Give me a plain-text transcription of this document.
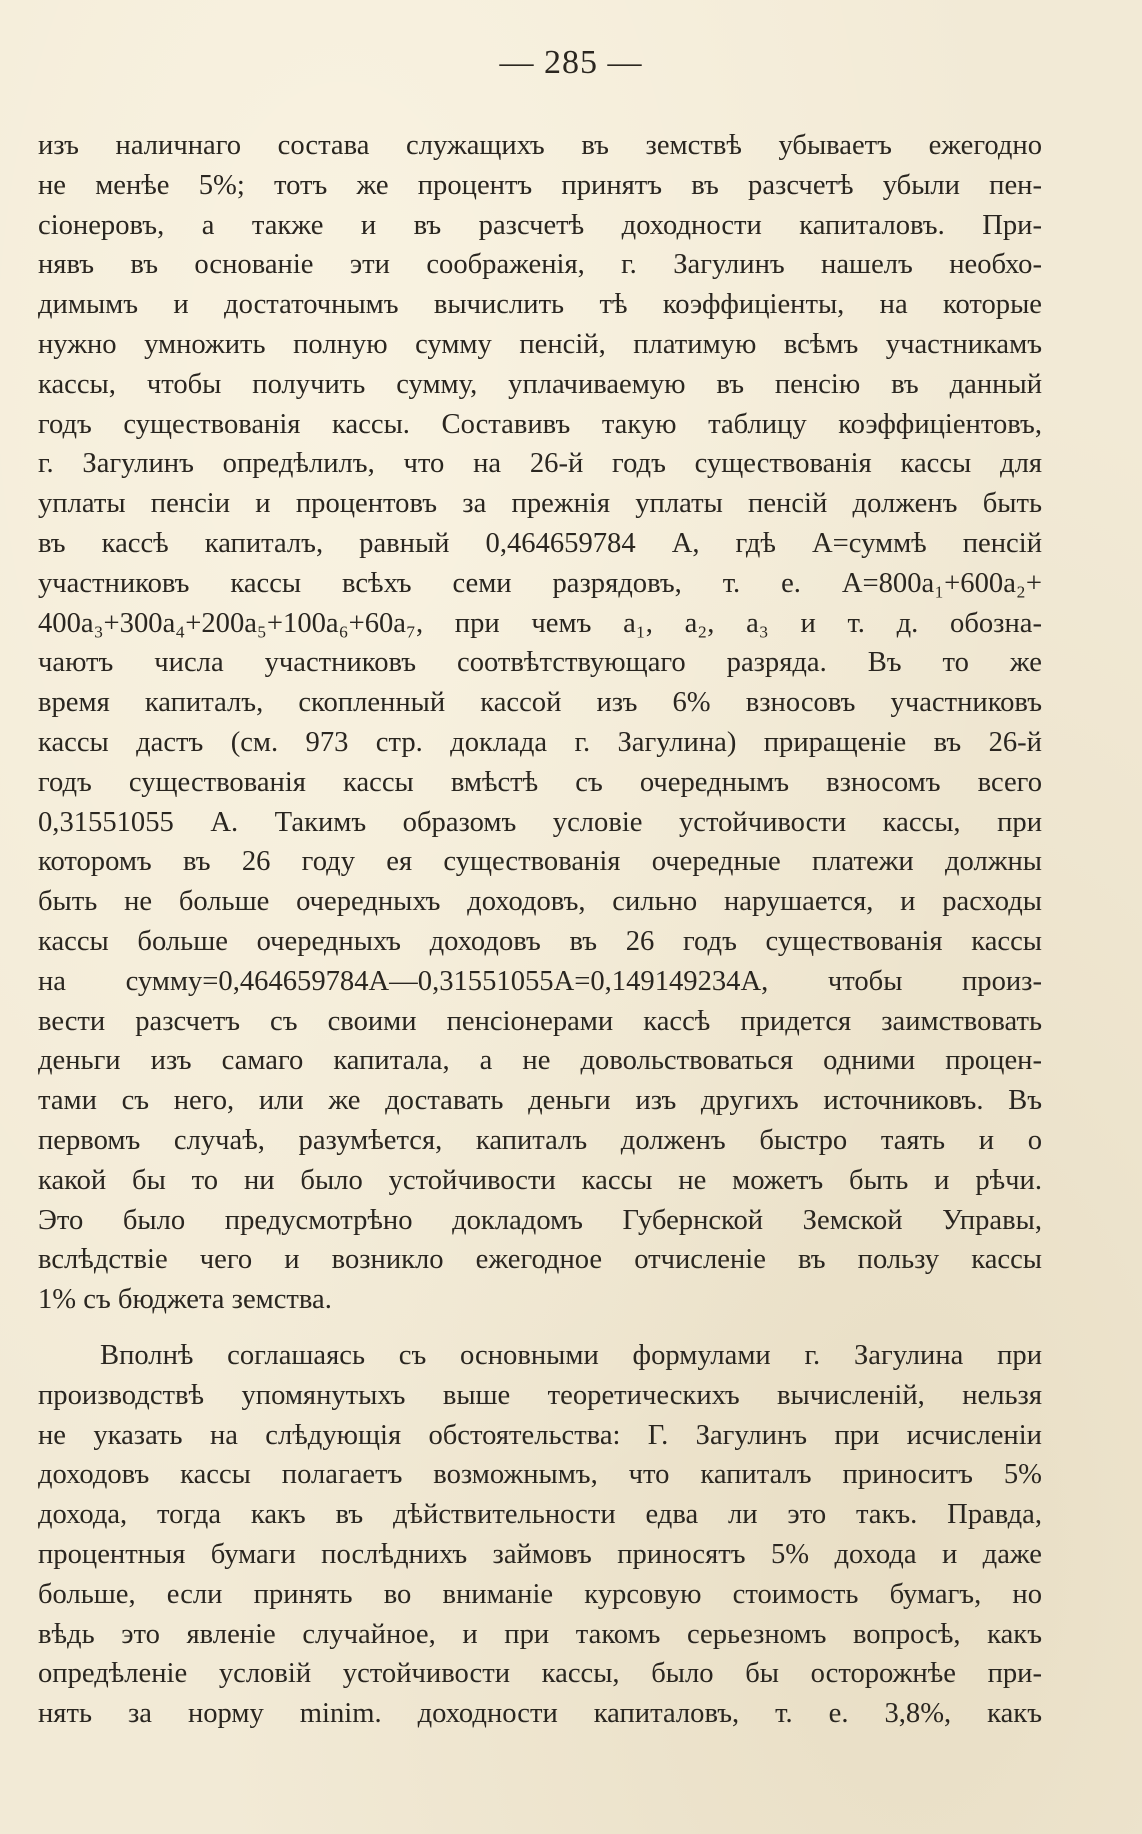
— 285 —
изъ наличнаго состава служащихъ въ земствѣ убываетъ ежегодно
не менѣе 5%; тотъ же процентъ принятъ въ разсчетѣ убыли пен-
сіонеровъ, а также и въ разсчетѣ доходности капиталовъ. При-
нявъ въ основаніе эти соображенія, г. Загулинъ нашелъ необхо-
димымъ и достаточнымъ вычислить тѣ коэффиціенты, на которые
нужно умножить полную сумму пенсій, платимую всѣмъ участникамъ
кассы, чтобы получить сумму, уплачиваемую въ пенсію въ данный
годъ существованія кассы. Составивъ такую таблицу коэффиціентовъ,
г. Загулинъ опредѣлилъ, что на 26-й годъ существованія кассы для
уплаты пенсіи и процентовъ за прежнія уплаты пенсій долженъ быть
въ кассѣ капиталъ, равный 0,464659784 А, гдѣ А=суммѣ пенсій
участниковъ кассы всѣхъ семи разрядовъ, т. е. А=800а₁+600а₂+
400а₃+300а₄+200а₅+100а₆+60а₇, при чемъ а₁, а₂, а₃ и т. д. обозна-
чаютъ числа участниковъ соотвѣтствующаго разряда. Въ то же
время капиталъ, скопленный кассой изъ 6% взносовъ участниковъ
кассы дастъ (см. 973 стр. доклада г. Загулина) приращеніе въ 26-й
годъ существованія кассы вмѣстѣ съ очереднымъ взносомъ всего
0,31551055 А. Такимъ образомъ условіе устойчивости кассы, при
которомъ въ 26 году ея существованія очередные платежи должны
быть не больше очередныхъ доходовъ, сильно нарушается, и расходы
кассы больше очередныхъ доходовъ въ 26 годъ существованія кассы
на сумму=0,464659784А—0,31551055А=0,149149234А, чтобы произ-
вести разсчетъ съ своими пенсіонерами кассѣ придется заимствовать
деньги изъ самаго капитала, а не довольствоваться одними процен-
тами съ него, или же доставать деньги изъ другихъ источниковъ. Въ
первомъ случаѣ, разумѣется, капиталъ долженъ быстро таять и о
какой бы то ни было устойчивости кассы не можетъ быть и рѣчи.
Это было предусмотрѣно докладомъ Губернской Земской Управы,
вслѣдствіе чего и возникло ежегодное отчисленіе въ пользу кассы
1% съ бюджета земства.
Вполнѣ соглашаясь съ основными формулами г. Загулина при
производствѣ упомянутыхъ выше теоретическихъ вычисленій, нельзя
не указать на слѣдующія обстоятельства: Г. Загулинъ при исчисленіи
доходовъ кассы полагаетъ возможнымъ, что капиталъ приноситъ 5%
дохода, тогда какъ въ дѣйствительности едва ли это такъ. Правда,
процентныя бумаги послѣднихъ займовъ приносятъ 5% дохода и даже
больше, если принять во вниманіе курсовую стоимость бумагъ, но
вѣдь это явленіе случайное, и при такомъ серьезномъ вопросѣ, какъ
опредѣленіе условій устойчивости кассы, было бы осторожнѣе при-
нять за норму minim. доходности капиталовъ, т. е. 3,8%, какъ
